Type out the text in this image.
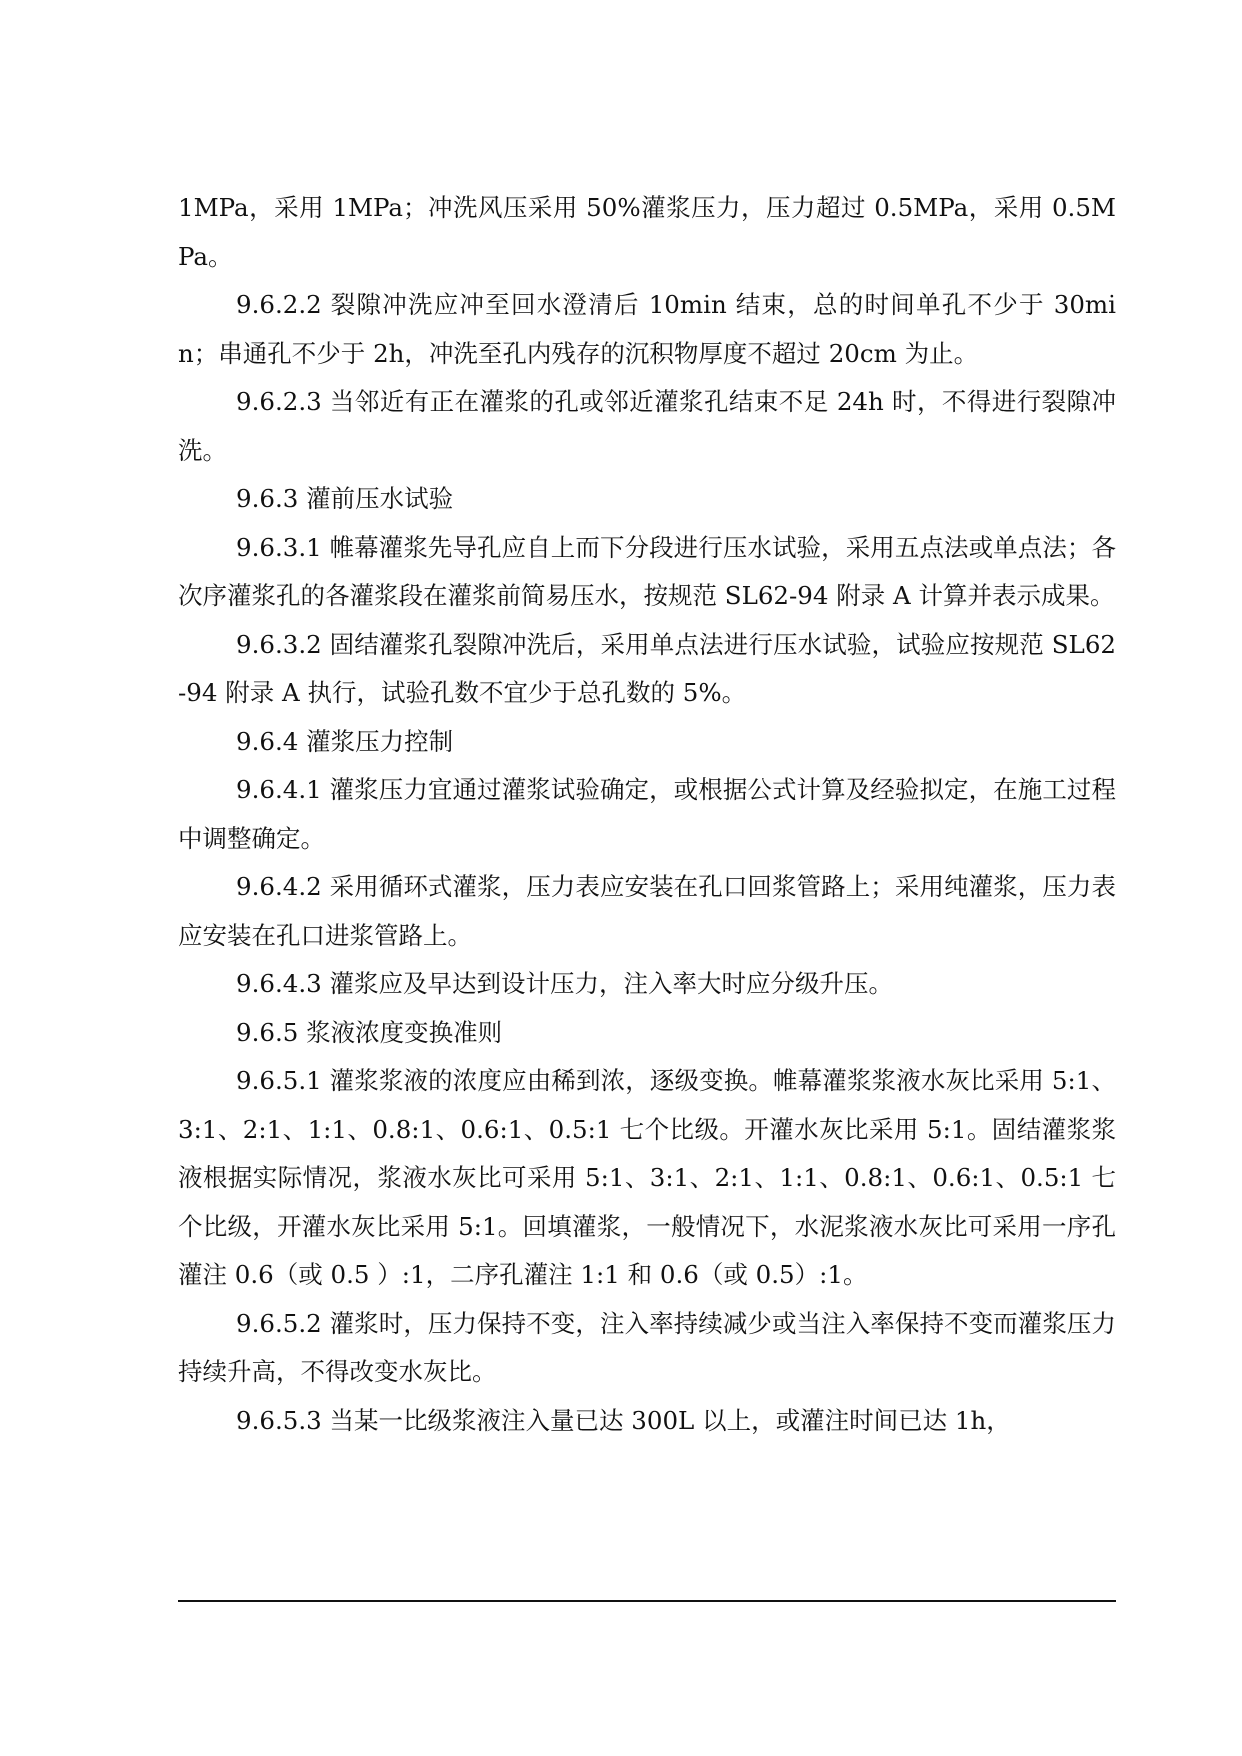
1MPa，采用 1MPa；冲洗风压采用 50%灌浆压力，压力超过 0.5MPa，采用 0.5MPa。

9.6.2.2 裂隙冲洗应冲至回水澄清后 10min 结束，总的时间单孔不少于 30min；串通孔不少于 2h，冲洗至孔内残存的沉积物厚度不超过 20cm 为止。

9.6.2.3 当邻近有正在灌浆的孔或邻近灌浆孔结束不足 24h 时，不得进行裂隙冲洗。

9.6.3 灌前压水试验

9.6.3.1 帷幕灌浆先导孔应自上而下分段进行压水试验，采用五点法或单点法；各次序灌浆孔的各灌浆段在灌浆前简易压水，按规范 SL62-94 附录 A 计算并表示成果。

9.6.3.2 固结灌浆孔裂隙冲洗后，采用单点法进行压水试验，试验应按规范 SL62-94 附录 A 执行，试验孔数不宜少于总孔数的 5%。

9.6.4 灌浆压力控制

9.6.4.1 灌浆压力宜通过灌浆试验确定，或根据公式计算及经验拟定，在施工过程中调整确定。

9.6.4.2 采用循环式灌浆，压力表应安装在孔口回浆管路上；采用纯灌浆，压力表应安装在孔口进浆管路上。

9.6.4.3 灌浆应及早达到设计压力，注入率大时应分级升压。

9.6.5 浆液浓度变换准则

9.6.5.1 灌浆浆液的浓度应由稀到浓，逐级变换。帷幕灌浆浆液水灰比采用 5:1、3:1、2:1、1:1、0.8:1、0.6:1、0.5:1 七个比级。开灌水灰比采用 5:1。固结灌浆浆液根据实际情况，浆液水灰比可采用 5:1、3:1、2:1、1:1、0.8:1、0.6:1、0.5:1 七个比级，开灌水灰比采用 5:1。回填灌浆，一般情况下，水泥浆液水灰比可采用一序孔灌注 0.6（或 0.5 ）:1，二序孔灌注 1:1 和 0.6（或 0.5）:1。

9.6.5.2 灌浆时，压力保持不变，注入率持续减少或当注入率保持不变而灌浆压力持续升高，不得改变水灰比。

9.6.5.3 当某一比级浆液注入量已达 300L 以上，或灌注时间已达 1h，
